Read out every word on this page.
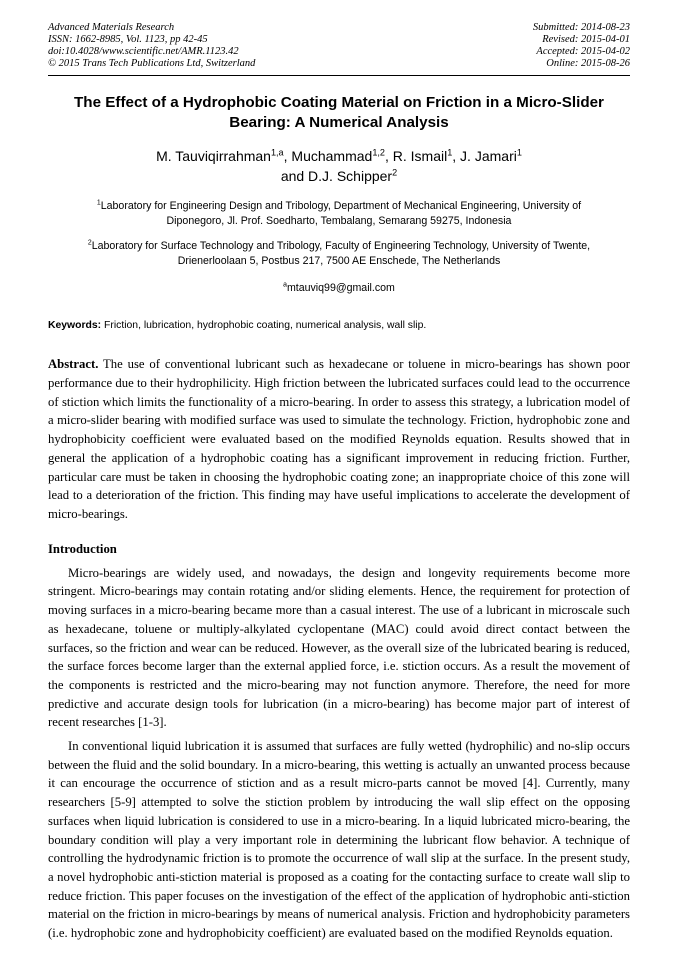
Advanced Materials Research
ISSN: 1662-8985, Vol. 1123, pp 42-45
doi:10.4028/www.scientific.net/AMR.1123.42
© 2015 Trans Tech Publications Ltd, Switzerland
Submitted: 2014-08-23
Revised: 2015-04-01
Accepted: 2015-04-02
Online: 2015-08-26
The Effect of a Hydrophobic Coating Material on Friction in a Micro-Slider Bearing: A Numerical Analysis
M. Tauviqirrahman$^{1,a}$, Muchammad$^{1,2}$, R. Ismail$^1$, J. Jamari$^1$
and D.J. Schipper$^2$
$^1$Laboratory for Engineering Design and Tribology, Department of Mechanical Engineering, University of Diponegoro, Jl. Prof. Soedharto, Tembalang, Semarang 59275, Indonesia
$^2$Laboratory for Surface Technology and Tribology, Faculty of Engineering Technology, University of Twente, Drienerloolaan 5, Postbus 217, 7500 AE Enschede, The Netherlands
$^a$mtauviq99@gmail.com
Keywords: Friction, lubrication, hydrophobic coating, numerical analysis, wall slip.
Abstract. The use of conventional lubricant such as hexadecane or toluene in micro-bearings has shown poor performance due to their hydrophilicity. High friction between the lubricated surfaces could lead to the occurrence of stiction which limits the functionality of a micro-bearing. In order to assess this strategy, a lubrication model of a micro-slider bearing with modified surface was used to simulate the technology. Friction, hydrophobic zone and hydrophobicity coefficient were evaluated based on the modified Reynolds equation. Results showed that in general the application of a hydrophobic coating has a significant improvement in reducing friction. Further, particular care must be taken in choosing the hydrophobic coating zone; an inappropriate choice of this zone will lead to a deterioration of the friction. This finding may have useful implications to accelerate the development of micro-bearings.
Introduction
Micro-bearings are widely used, and nowadays, the design and longevity requirements become more stringent. Micro-bearings may contain rotating and/or sliding elements. Hence, the requirement for protection of moving surfaces in a micro-bearing became more than a casual interest. The use of a lubricant in microscale such as hexadecane, toluene or multiply-alkylated cyclopentane (MAC) could avoid direct contact between the surfaces, so the friction and wear can be reduced. However, as the overall size of the lubricated bearing is reduced, the surface forces become larger than the external applied force, i.e. stiction occurs. As a result the movement of the components is restricted and the micro-bearing may not function anymore. Therefore, the need for more predictive and accurate design tools for lubrication (in a micro-bearing) has become major part of interest of recent researches [1-3].
In conventional liquid lubrication it is assumed that surfaces are fully wetted (hydrophilic) and no-slip occurs between the fluid and the solid boundary. In a micro-bearing, this wetting is actually an unwanted process because it can encourage the occurrence of stiction and as a result micro-parts cannot be moved [4]. Currently, many researchers [5-9] attempted to solve the stiction problem by introducing the wall slip effect on the opposing surfaces when liquid lubrication is considered to use in a micro-bearing. In a liquid lubricated micro-bearing, the boundary condition will play a very important role in determining the lubricant flow behavior. A technique of controlling the hydrodynamic friction is to promote the occurrence of wall slip at the surface. In the present study, a novel hydrophobic anti-stiction material is proposed as a coating for the contacting surface to create wall slip to reduce friction. This paper focuses on the investigation of the effect of the application of hydrophobic anti-stiction material on the friction in micro-bearings by means of numerical analysis. Friction and hydrophobicity parameters (i.e. hydrophobic zone and hydrophobicity coefficient) are evaluated based on the modified Reynolds equation.
